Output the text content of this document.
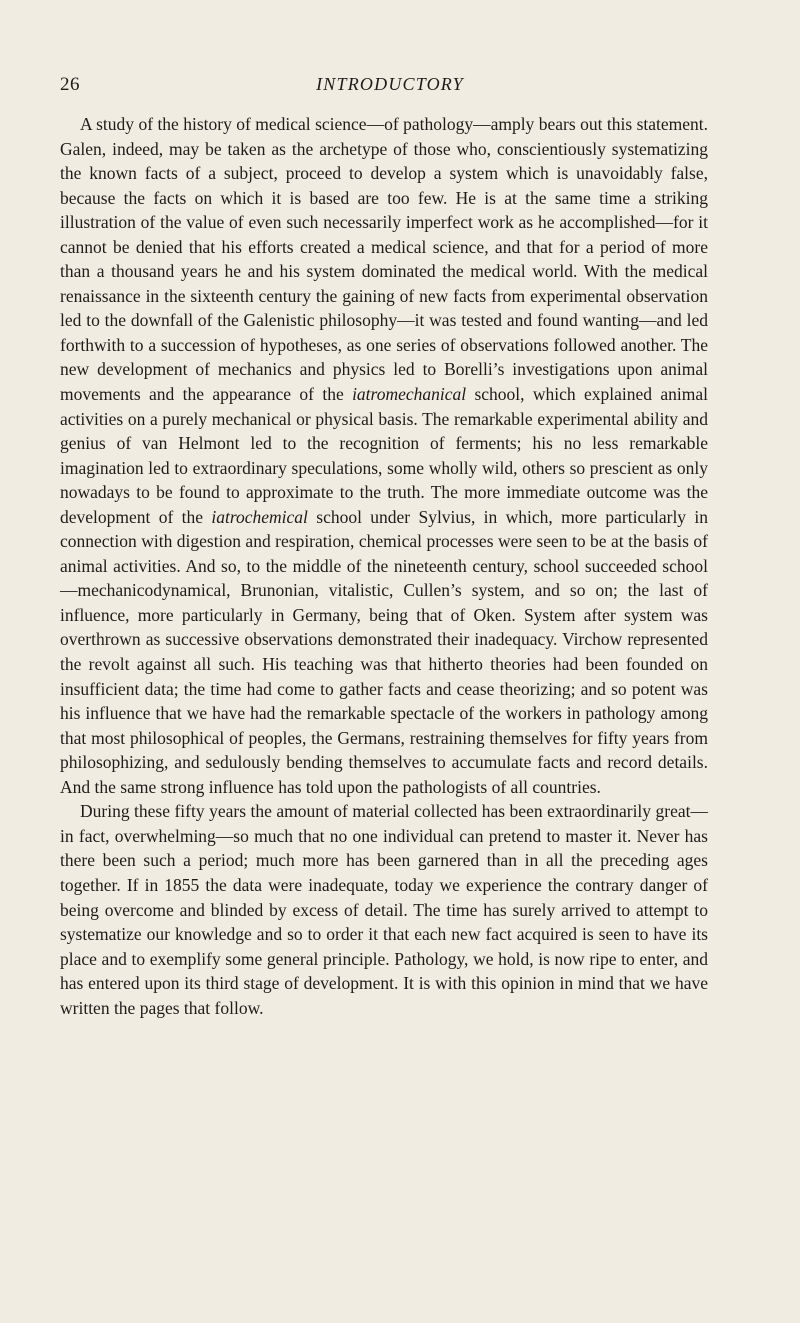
26	INTRODUCTORY

A study of the history of medical science—of pathology—amply bears out this statement. Galen, indeed, may be taken as the archetype of those who, conscientiously systematizing the known facts of a subject, proceed to develop a system which is unavoidably false, because the facts on which it is based are too few. He is at the same time a striking illustration of the value of even such necessarily imperfect work as he accomplished—for it cannot be denied that his efforts created a medical science, and that for a period of more than a thousand years he and his system dominated the medical world. With the medical renaissance in the sixteenth century the gaining of new facts from experimental observation led to the downfall of the Galenistic philosophy—it was tested and found wanting—and led forthwith to a succession of hypotheses, as one series of observations followed another. The new development of mechanics and physics led to Borelli’s investigations upon animal movements and the appearance of the iatromechanical school, which explained animal activities on a purely mechanical or physical basis. The remarkable experimental ability and genius of van Helmont led to the recognition of ferments; his no less remarkable imagination led to extraordinary speculations, some wholly wild, others so prescient as only nowadays to be found to approximate to the truth. The more immediate outcome was the development of the iatrochemical school under Sylvius, in which, more particularly in connection with digestion and respiration, chemical processes were seen to be at the basis of animal activities. And so, to the middle of the nineteenth century, school succeeded school—mechanicodynamical, Brunonian, vitalistic, Cullen’s system, and so on; the last of influence, more particularly in Germany, being that of Oken. System after system was overthrown as successive observations demonstrated their inadequacy. Virchow represented the revolt against all such. His teaching was that hitherto theories had been founded on insufficient data; the time had come to gather facts and cease theorizing; and so potent was his influence that we have had the remarkable spectacle of the workers in pathology among that most philosophical of peoples, the Germans, restraining themselves for fifty years from philosophizing, and sedulously bending themselves to accumulate facts and record details. And the same strong influence has told upon the pathologists of all countries.

During these fifty years the amount of material collected has been extraordinarily great—in fact, overwhelming—so much that no one individual can pretend to master it. Never has there been such a period; much more has been garnered than in all the preceding ages together. If in 1855 the data were inadequate, today we experience the contrary danger of being overcome and blinded by excess of detail. The time has surely arrived to attempt to systematize our knowledge and so to order it that each new fact acquired is seen to have its place and to exemplify some general principle. Pathology, we hold, is now ripe to enter, and has entered upon its third stage of development. It is with this opinion in mind that we have written the pages that follow.
